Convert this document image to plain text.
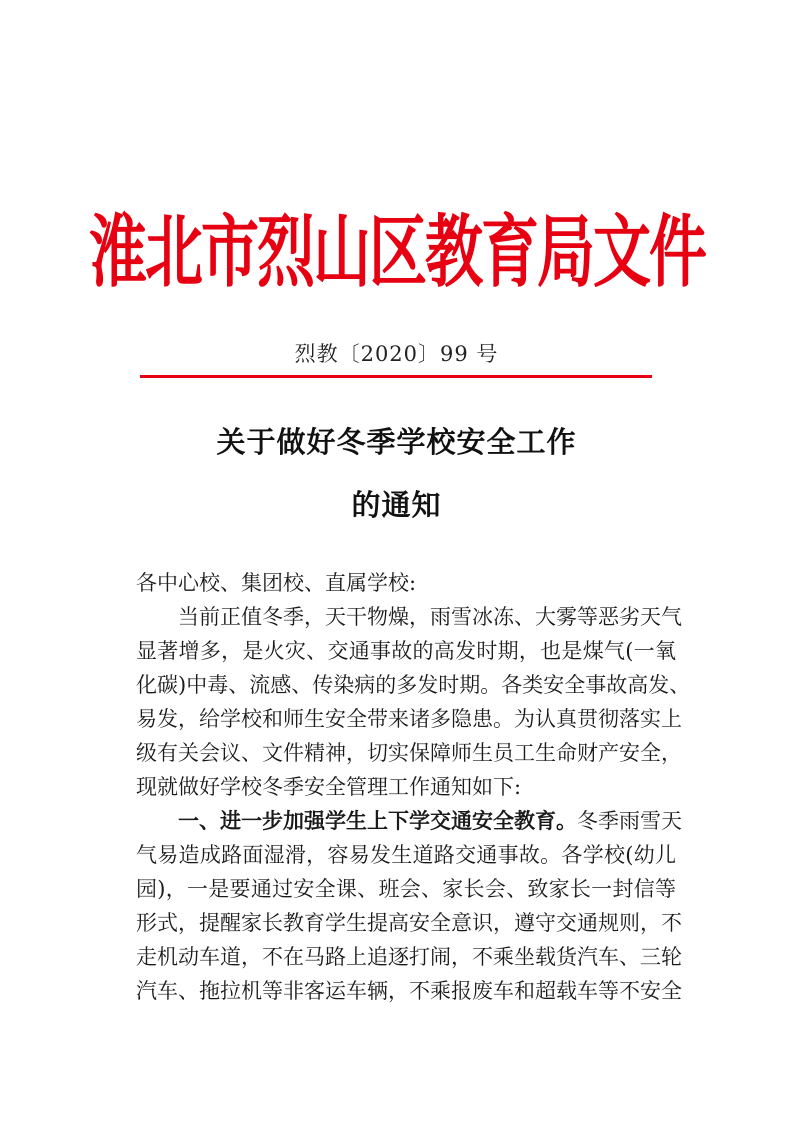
淮北市烈山区教育局文件
烈教〔2020〕99 号
关于做好冬季学校安全工作
的通知
各中心校、集团校、直属学校:
当前正值冬季，天干物燥，雨雪冰冻、大雾等恶劣天气
显著增多，是火灾、交通事故的高发时期，也是煤气(一氧
化碳)中毒、流感、传染病的多发时期。各类安全事故高发、
易发，给学校和师生安全带来诸多隐患。为认真贯彻落实上
级有关会议、文件精神，切实保障师生员工生命财产安全，
现就做好学校冬季安全管理工作通知如下:
一、进一步加强学生上下学交通安全教育。冬季雨雪天
气易造成路面湿滑，容易发生道路交通事故。各学校(幼儿
园)，一是要通过安全课、班会、家长会、致家长一封信等
形式，提醒家长教育学生提高安全意识，遵守交通规则，不
走机动车道，不在马路上追逐打闹，不乘坐载货汽车、三轮
汽车、拖拉机等非客运车辆，不乘报废车和超载车等不安全
